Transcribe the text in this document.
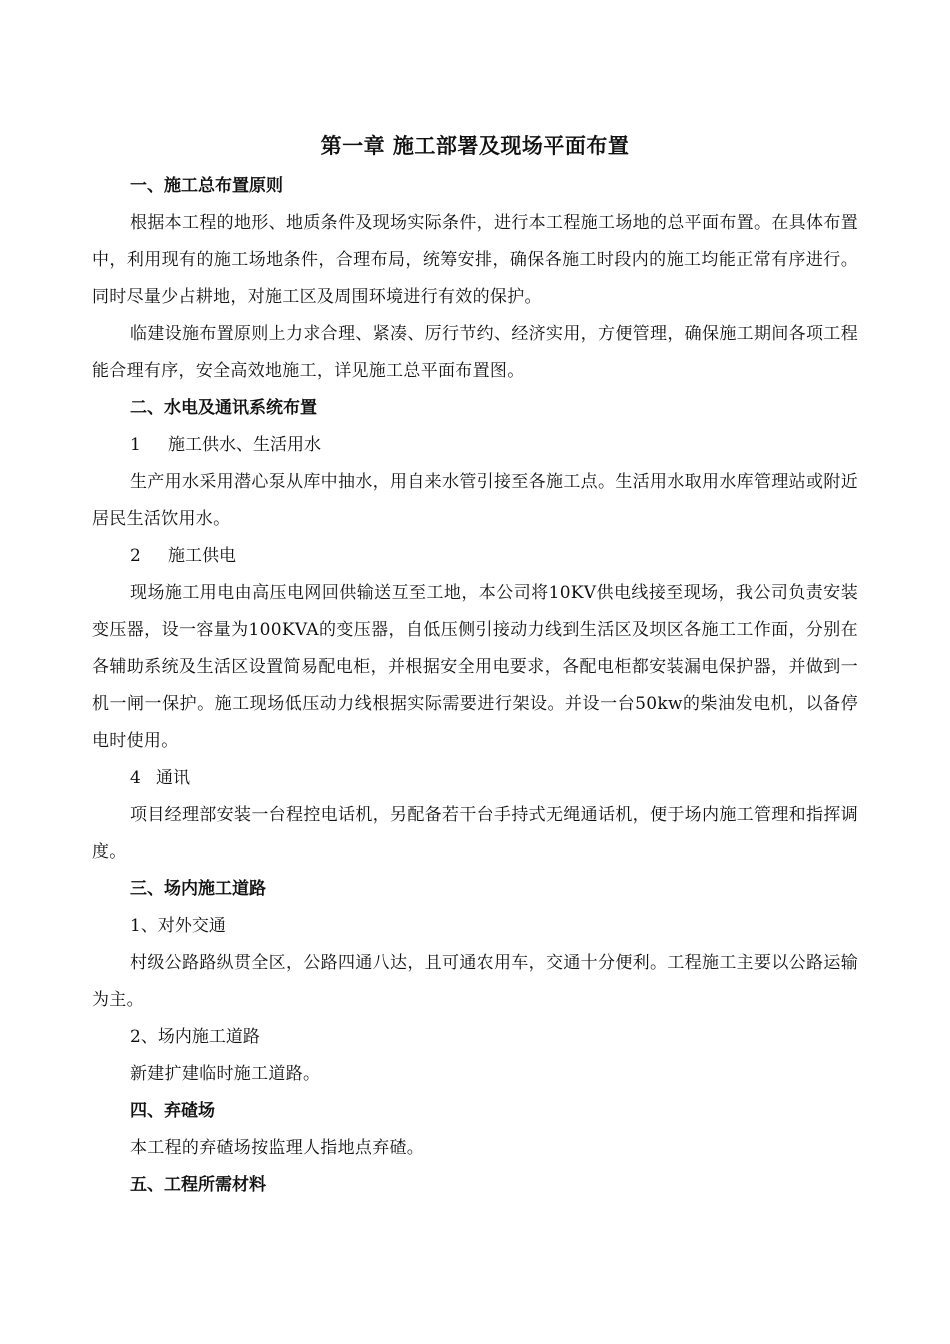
第一章 施工部署及现场平面布置
一、施工总布置原则

根据本工程的地形、地质条件及现场实际条件，进行本工程施工场地的总平面布置。在具体布置中，利用现有的施工场地条件，合理布局，统筹安排，确保各施工时段内的施工均能正常有序进行。同时尽量少占耕地，对施工区及周围环境进行有效的保护。

临建设施布置原则上力求合理、紧凑、厉行节约、经济实用，方便管理，确保施工期间各项工程能合理有序，安全高效地施工，详见施工总平面布置图。

二、水电及通讯系统布置
1 施工供水、生活用水

生产用水采用潜心泵从库中抽水，用自来水管引接至各施工点。生活用水取用水库管理站或附近居民生活饮用水。

2 施工供电

现场施工用电由高压电网回供输送互至工地，本公司将10KV供电线接至现场，我公司负责安装变压器，设一容量为100KVA的变压器，自低压侧引接动力线到生活区及坝区各施工工作面，分别在各辅助系统及生活区设置简易配电柜，并根据安全用电要求，各配电柜都安装漏电保护器，并做到一机一闸一保护。施工现场低压动力线根据实际需要进行架设。并设一台50kw的柴油发电机，以备停电时使用。

4 通讯

项目经理部安装一台程控电话机，另配备若干台手持式无绳通话机，便于场内施工管理和指挥调度。

三、场内施工道路
1、对外交通

村级公路路纵贯全区，公路四通八达，且可通农用车，交通十分便利。工程施工主要以公路运输为主。

2、场内施工道路

新建扩建临时施工道路。

四、弃碴场

本工程的弃碴场按监理人指地点弃碴。

五、工程所需材料
